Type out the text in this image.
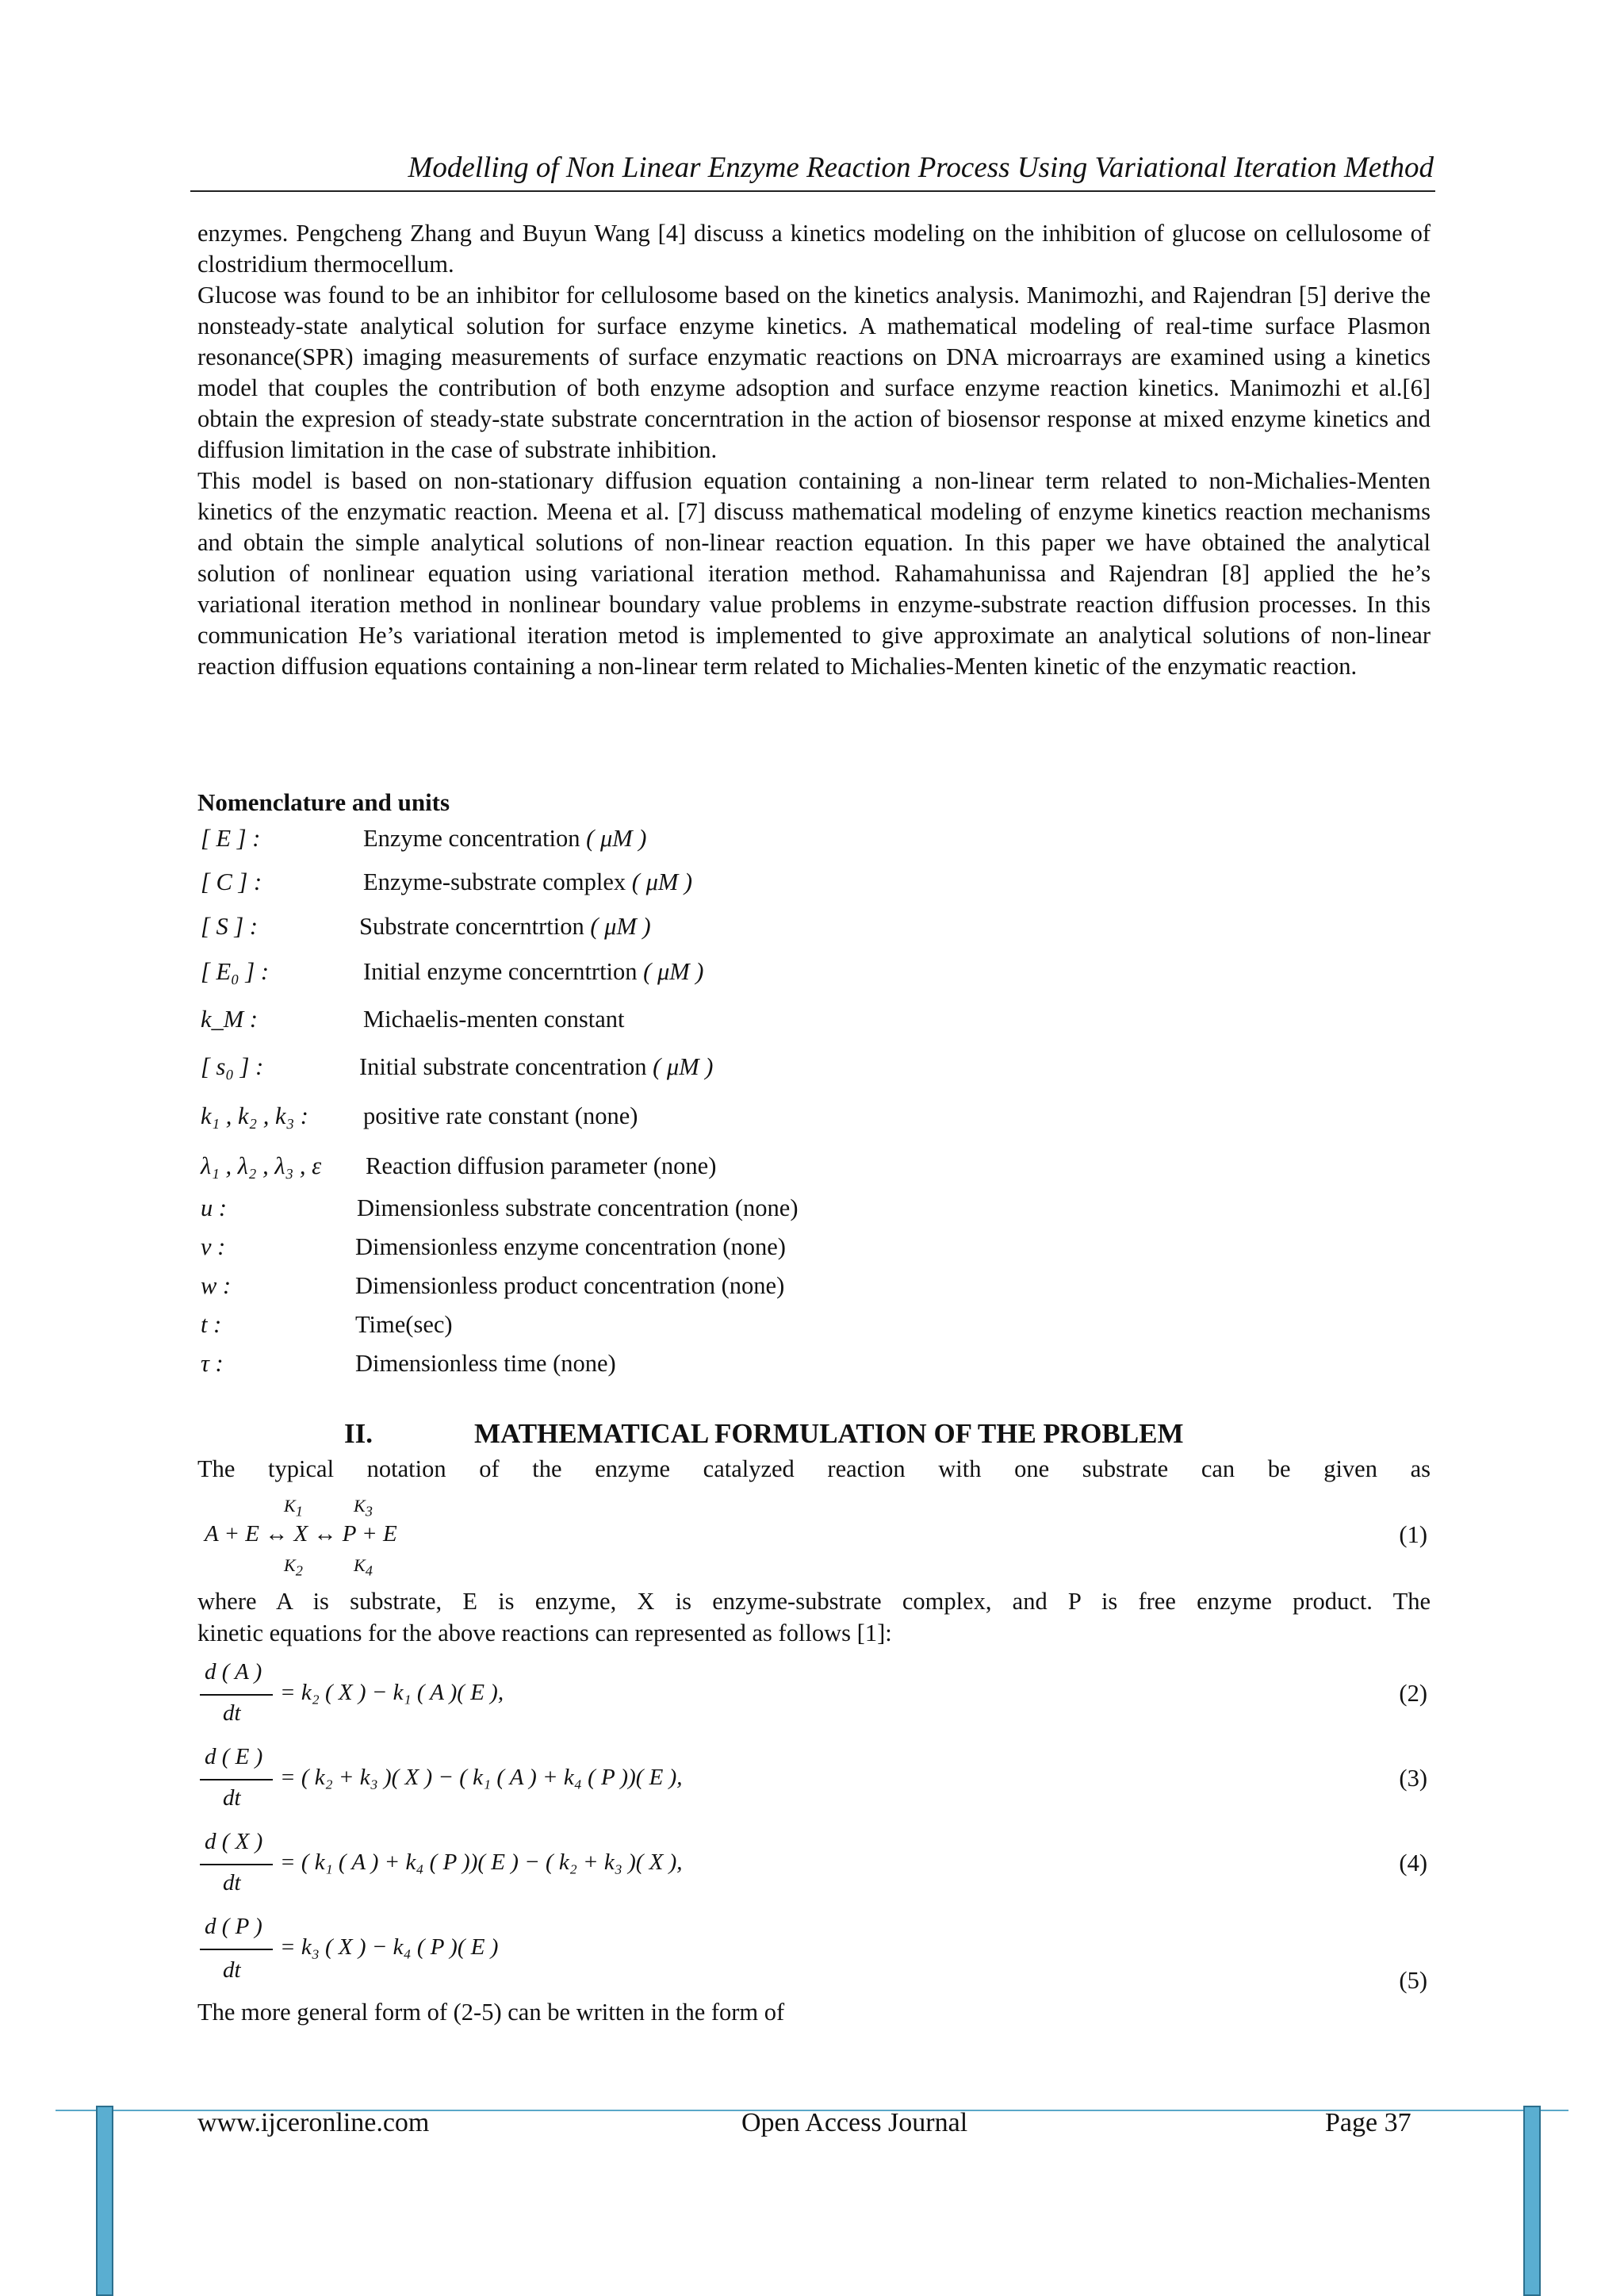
Modelling of Non Linear Enzyme Reaction Process Using Variational Iteration Method

enzymes. Pengcheng Zhang and Buyun Wang [4] discuss a kinetics modeling on the inhibition of glucose on cellulosome of clostridium thermocellum.

Glucose was found to be an inhibitor for cellulosome based on the kinetics analysis. Manimozhi, and Rajendran [5] derive the nonsteady-state analytical solution for surface enzyme kinetics. A mathematical modeling of real-time surface Plasmon resonance(SPR) imaging measurements of surface enzymatic reactions on DNA microarrays are examined using a kinetics model that couples the contribution of both enzyme adsoption and surface enzyme reaction kinetics. Manimozhi et al.[6] obtain the expresion of steady-state substrate concerntration in the action of biosensor response at mixed enzyme kinetics and diffusion limitation in the case of substrate inhibition.

This model is based on non-stationary diffusion equation containing a non-linear term related to non-Michalies-Menten kinetics of the enzymatic reaction. Meena et al. [7] discuss mathematical modeling of enzyme kinetics reaction mechanisms and obtain the simple analytical solutions of non-linear reaction equation. In this paper we have obtained the analytical solution of nonlinear equation using variational iteration method. Rahamahunissa and Rajendran [8] applied the he’s variational iteration method in nonlinear boundary value problems in enzyme-substrate reaction diffusion processes. In this communication He’s variational iteration metod is implemented to give approximate an analytical solutions of non-linear reaction diffusion equations containing a non-linear term related to Michalies-Menten kinetic of the enzymatic reaction.

Nomenclature and units
[ E ] :	Enzyme concentration ( μM )
[ C ] :	Enzyme-substrate complex ( μM )
[ S ] :	Substrate concerntrtion ( μM )
[ E₀ ] :	Initial enzyme concerntrtion ( μM )
k_M :	Michaelis-menten constant
[ s₀ ] :	Initial substrate concentration ( μM )
k₁ , k₂ , k₃ : positive rate constant (none)
λ₁ , λ₂ , λ₃ , ε Reaction diffusion parameter (none)
u :	Dimensionless substrate concentration (none)
v :	Dimensionless enzyme concentration (none)
w :	Dimensionless product concentration (none)
t :	Time(sec)
τ :	Dimensionless time (none)
II.	MATHEMATICAL FORMULATION OF THE PROBLEM
The typical notation of the enzyme catalyzed reaction with one substrate can be given as
$K_1$	$K_3$
A + E ↔ X ↔ P + E
$K_2$	$K_4$
(1)
where A is substrate, E is enzyme, X is enzyme-substrate complex, and P is free enzyme product. The
kinetic equations for the above reactions can represented as follows [1]:
d ( A )
dt
= k₂ ( X ) − k₁ ( A )( E ),	(2)
d ( E )
dt
= ( k₂ + k₃ )( X ) − ( k₁ ( A ) + k₄ ( P ))( E ),	(3)
d ( X )
dt
= ( k₁ ( A ) + k₄ ( P ))( E ) − ( k₂ + k₃ )( X ),	(4)
d ( P )
dt
= k₃ ( X ) − k₄ ( P )( E )
(5)
The more general form of (2-5) can be written in the form of
www.ijceronline.com	Open Access Journal	Page 37
